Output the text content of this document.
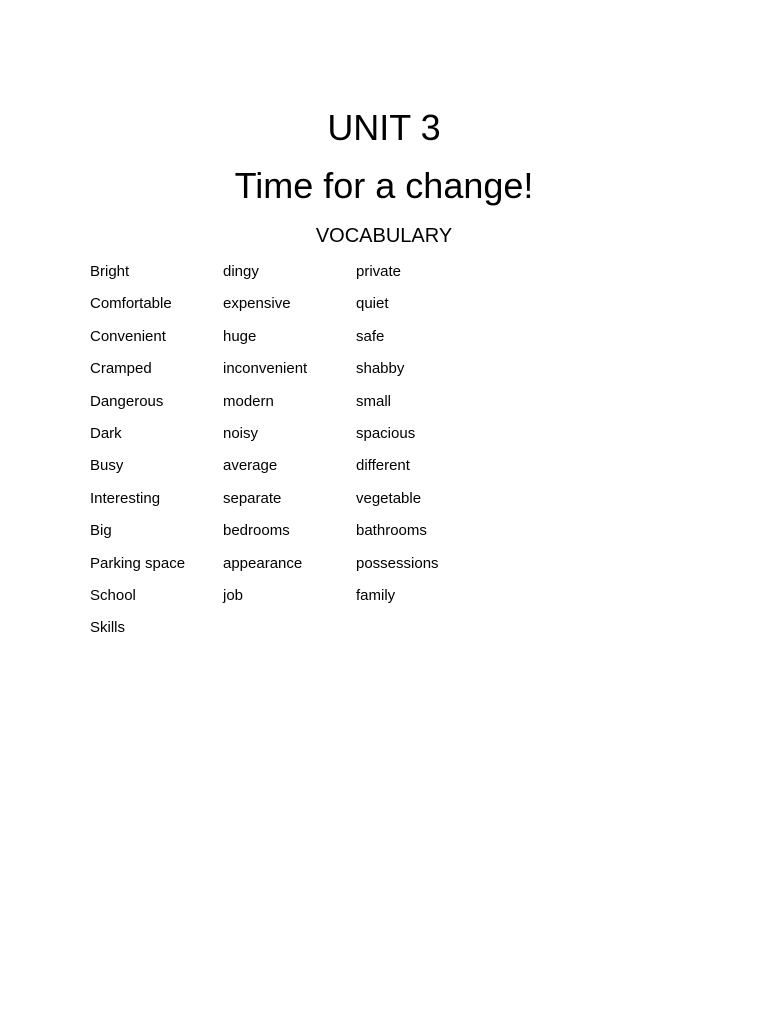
UNIT 3
Time for a change!
VOCABULARY
Bright	dingy	private
Comfortable	expensive	quiet
Convenient	huge	safe
Cramped	inconvenient	shabby
Dangerous	modern	small
Dark	noisy	spacious
Busy	average	different
Interesting	separate	vegetable
Big	bedrooms	bathrooms
Parking space	appearance	possessions
School	job	family
Skills		
